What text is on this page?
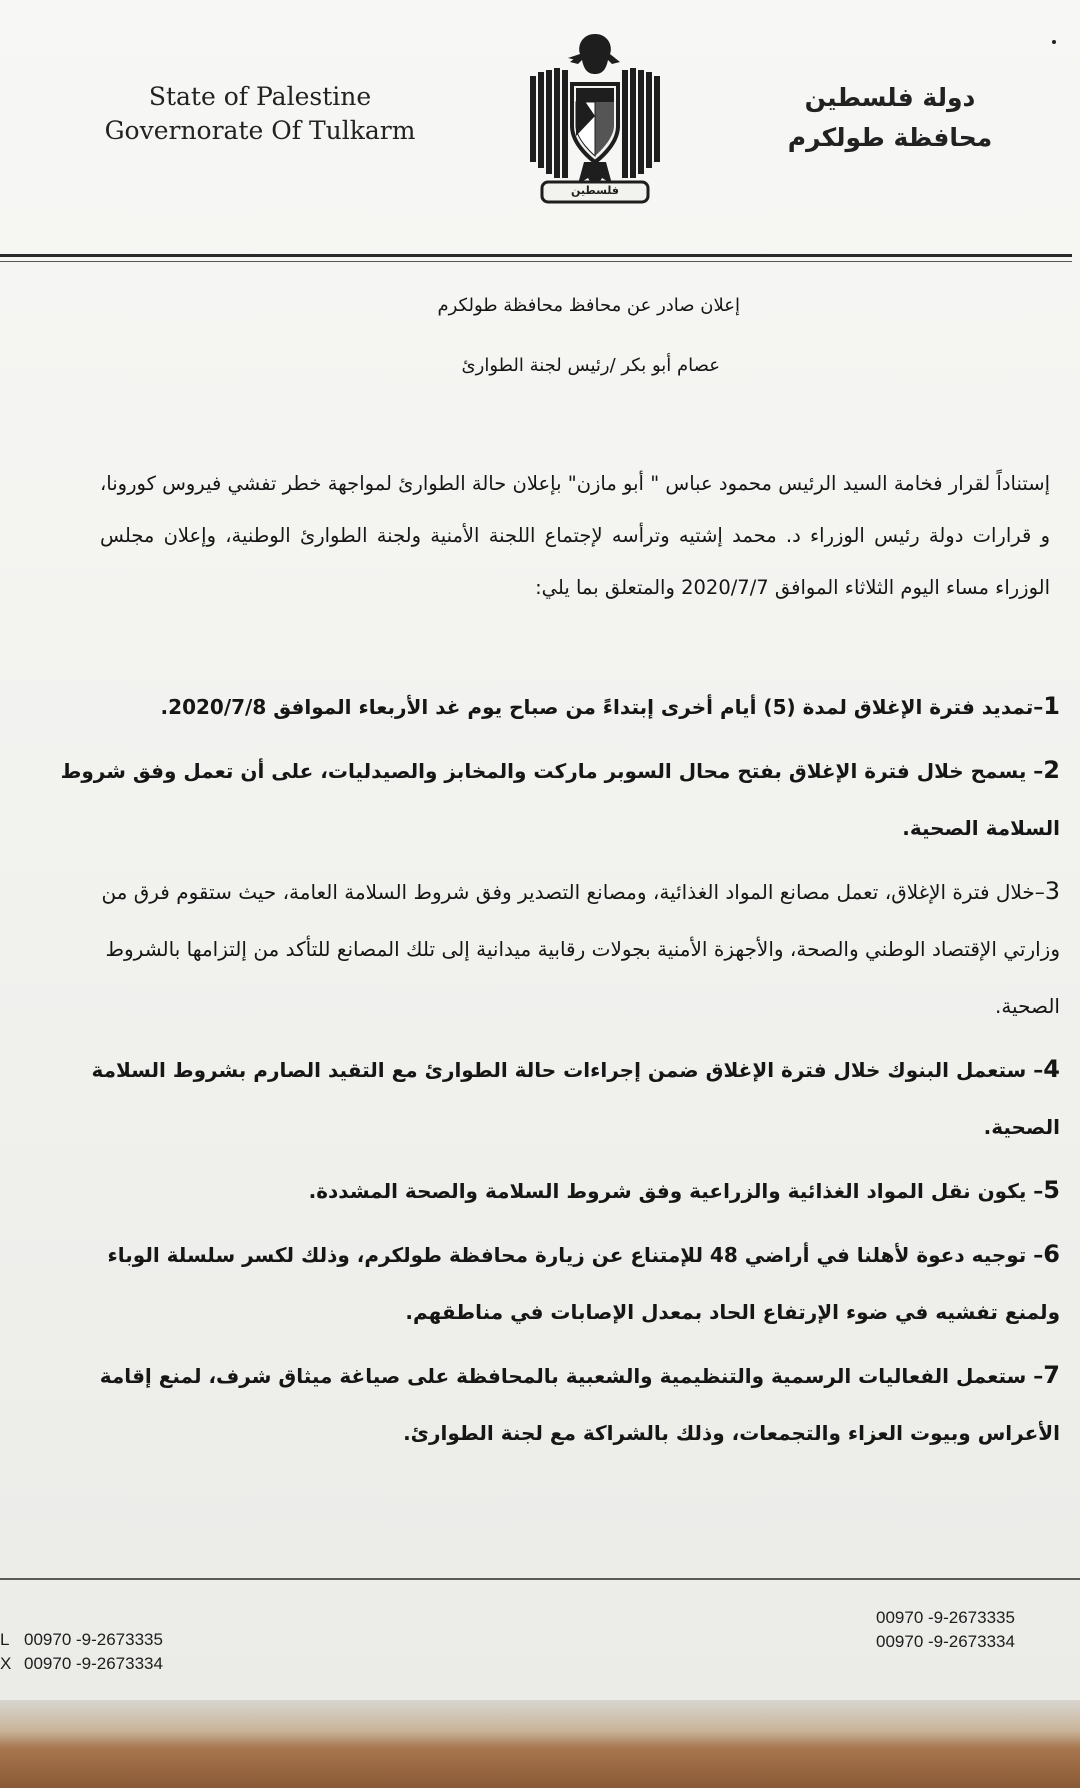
State of Palestine
Governorate Of Tulkarm
فلسطين
دولة فلسطين
محافظة طولكرم
إعلان صادر عن محافظ محافظة طولكرم
عصام أبو بكر /رئيس لجنة الطوارئ
إستناداً لقرار فخامة السيد الرئيس محمود عباس " أبو مازن" بإعلان حالة الطوارئ لمواجهة خطر تفشي فيروس كورونا، و قرارات دولة رئيس الوزراء د. محمد إشتيه وترأسه لإجتماع اللجنة الأمنية ولجنة الطوارئ الوطنية، وإعلان مجلس الوزراء مساء اليوم الثلاثاء الموافق 2020/7/7 والمتعلق بما يلي:
1–تمديد فترة الإغلاق لمدة (5) أيام أخرى إبتداءً من صباح يوم غد الأربعاء الموافق 2020/7/8.
2– يسمح خلال فترة الإغلاق بفتح محال السوبر ماركت والمخابز والصيدليات، على أن تعمل وفق شروط السلامة الصحية.
3–خلال فترة الإغلاق، تعمل مصانع المواد الغذائية، ومصانع التصدير وفق شروط السلامة العامة، حيث ستقوم فرق من وزارتي الإقتصاد الوطني والصحة، والأجهزة الأمنية بجولات رقابية ميدانية إلى تلك المصانع للتأكد من إلتزامها بالشروط الصحية.
4– ستعمل البنوك خلال فترة الإغلاق ضمن إجراءات حالة الطوارئ مع التقيد الصارم بشروط السلامة الصحية.
5– يكون نقل المواد الغذائية والزراعية وفق شروط السلامة والصحة المشددة.
6– توجيه دعوة لأهلنا في أراضي 48 للإمتناع عن زيارة محافظة طولكرم، وذلك لكسر سلسلة الوباء ولمنع تفشيه في ضوء الإرتفاع الحاد بمعدل الإصابات في مناطقهم.
7– ستعمل الفعاليات الرسمية والتنظيمية والشعبية بالمحافظة على صياغة ميثاق شرف، لمنع إقامة الأعراس وبيوت العزاء والتجمعات، وذلك بالشراكة مع لجنة الطوارئ.
L 00970 -9-2673335
X 00970 -9-2673334
00970 -9-2673335
00970 -9-2673334
